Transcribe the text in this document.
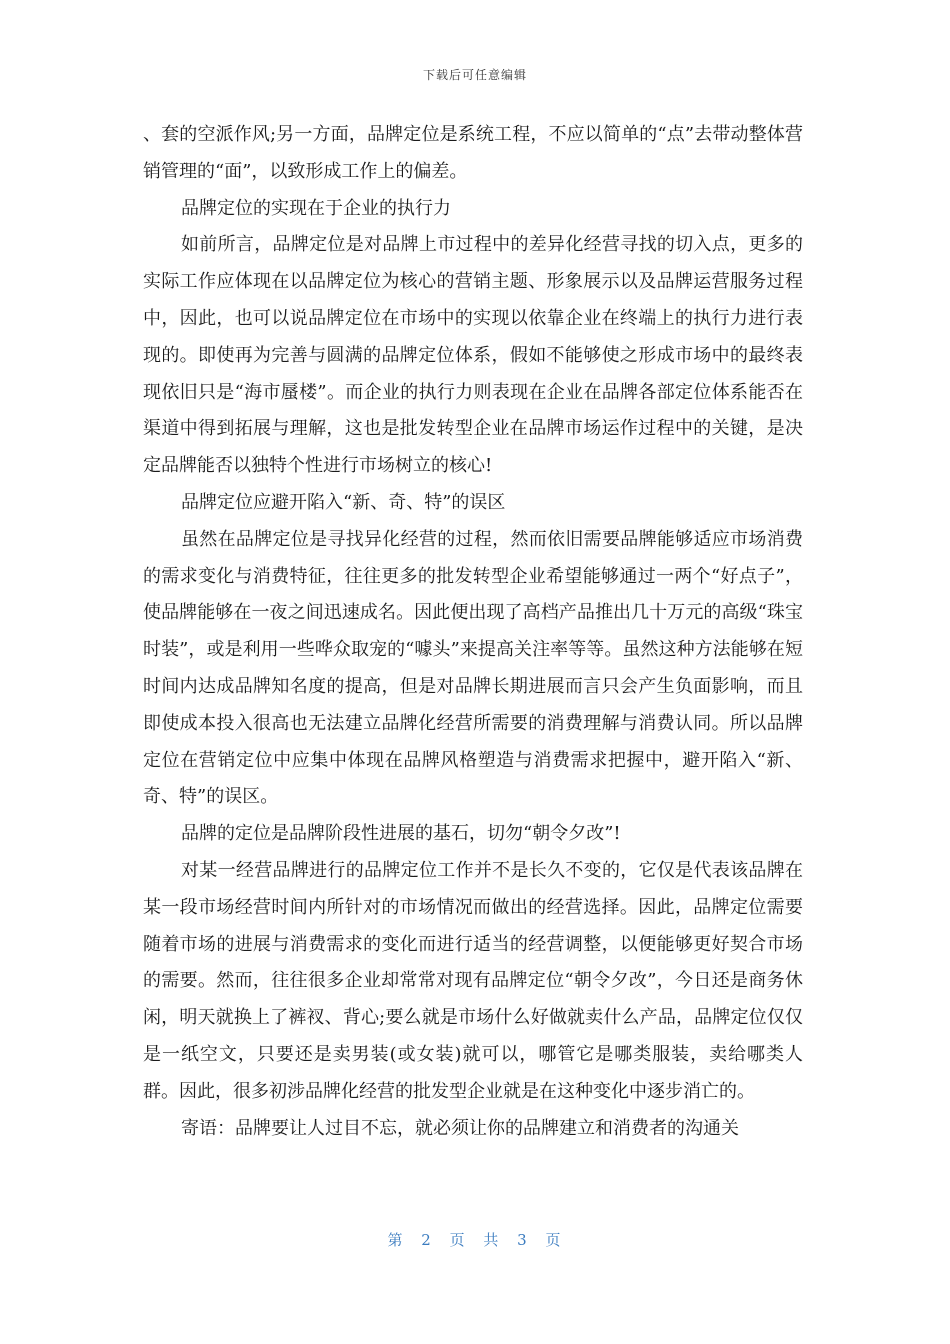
下载后可任意编辑

、套的空派作风;另一方面，品牌定位是系统工程，不应以简单的“点”去带动整体营销管理的“面”，以致形成工作上的偏差。

品牌定位的实现在于企业的执行力

如前所言，品牌定位是对品牌上市过程中的差异化经营寻找的切入点，更多的实际工作应体现在以品牌定位为核心的营销主题、形象展示以及品牌运营服务过程中，因此，也可以说品牌定位在市场中的实现以依靠企业在终端上的执行力进行表现的。即使再为完善与圆满的品牌定位体系，假如不能够使之形成市场中的最终表现依旧只是“海市蜃楼”。而企业的执行力则表现在企业在品牌各部定位体系能否在渠道中得到拓展与理解，这也是批发转型企业在品牌市场运作过程中的关键，是决定品牌能否以独特个性进行市场树立的核心!

品牌定位应避开陷入“新、奇、特”的误区

虽然在品牌定位是寻找异化经营的过程，然而依旧需要品牌能够适应市场消费的需求变化与消费特征，往往更多的批发转型企业希望能够通过一两个“好点子”，使品牌能够在一夜之间迅速成名。因此便出现了高档产品推出几十万元的高级“珠宝时装”，或是利用一些哗众取宠的“噱头”来提高关注率等等。虽然这种方法能够在短时间内达成品牌知名度的提高，但是对品牌长期进展而言只会产生负面影响，而且即使成本投入很高也无法建立品牌化经营所需要的消费理解与消费认同。所以品牌定位在营销定位中应集中体现在品牌风格塑造与消费需求把握中，避开陷入“新、奇、特”的误区。

品牌的定位是品牌阶段性进展的基石，切勿“朝令夕改”!

对某一经营品牌进行的品牌定位工作并不是长久不变的，它仅是代表该品牌在某一段市场经营时间内所针对的市场情况而做出的经营选择。因此，品牌定位需要随着市场的进展与消费需求的变化而进行适当的经营调整，以便能够更好契合市场的需要。然而，往往很多企业却常常对现有品牌定位“朝令夕改”，今日还是商务休闲，明天就换上了裤衩、背心;要么就是市场什么好做就卖什么产品，品牌定位仅仅是一纸空文，只要还是卖男装(或女装)就可以，哪管它是哪类服装，卖给哪类人群。因此，很多初涉品牌化经营的批发型企业就是在这种变化中逐步消亡的。

寄语：品牌要让人过目不忘，就必须让你的品牌建立和消费者的沟通关

第 2 页 共 3 页
